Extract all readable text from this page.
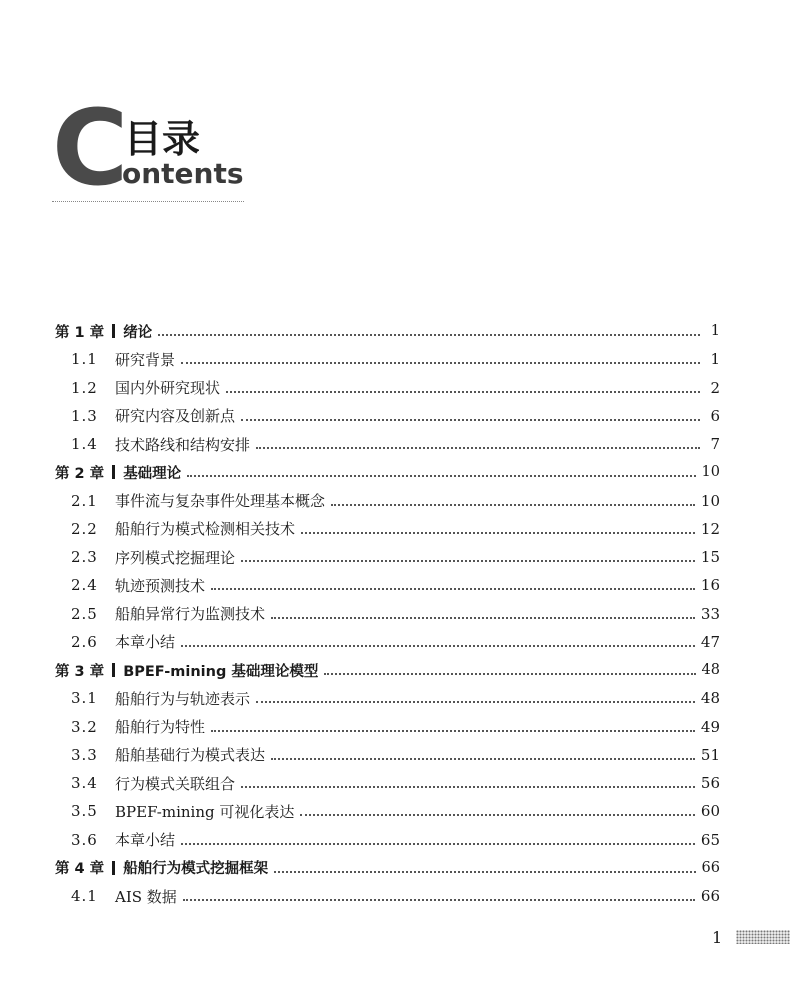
C
目录
ontents
第 1 章 绪论	1
1.1	研究背景	1
1.2	国内外研究现状	2
1.3	研究内容及创新点	6
1.4	技术路线和结构安排	7
第 2 章 基础理论	10
2.1	事件流与复杂事件处理基本概念	10
2.2	船舶行为模式检测相关技术	12
2.3	序列模式挖掘理论	15
2.4	轨迹预测技术	16
2.5	船舶异常行为监测技术	33
2.6	本章小结	47
第 3 章 BPEF-mining 基础理论模型	48
3.1	船舶行为与轨迹表示	48
3.2	船舶行为特性	49
3.3	船舶基础行为模式表达	51
3.4	行为模式关联组合	56
3.5	BPEF-mining 可视化表达	60
3.6	本章小结	65
第 4 章 船舶行为模式挖掘框架	66
4.1	AIS 数据	66
1
